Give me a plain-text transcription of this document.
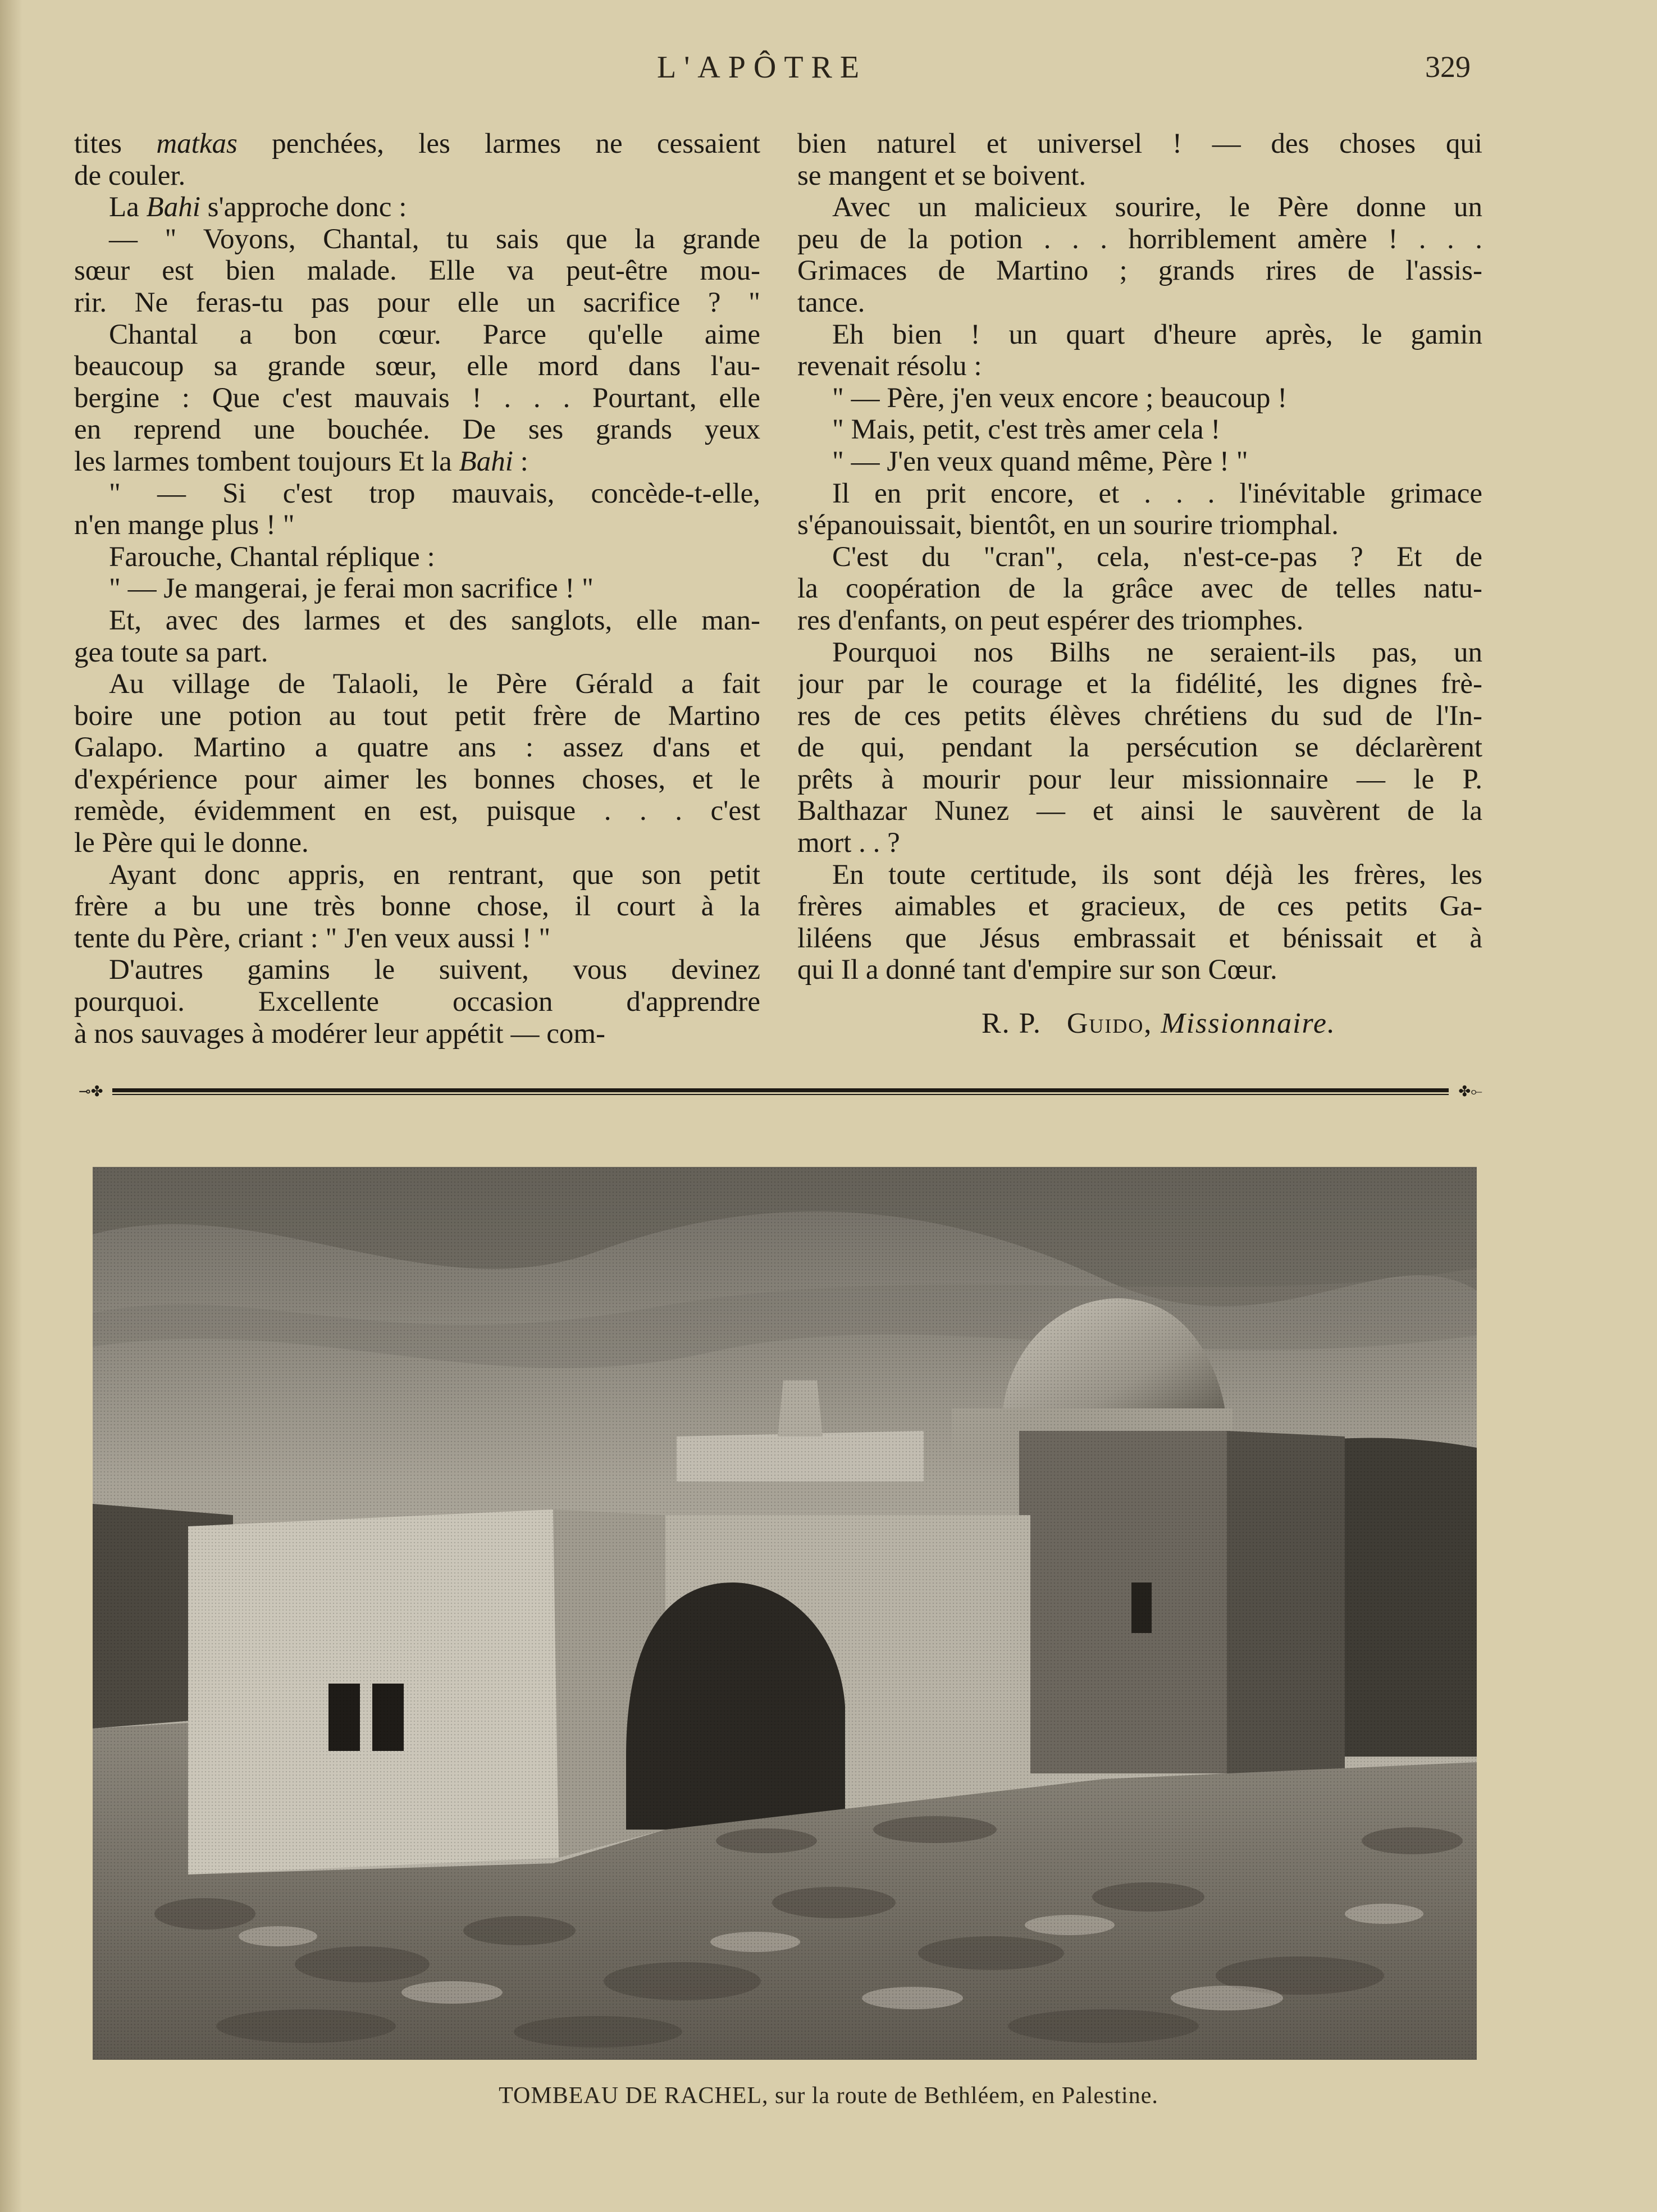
L'APÔTRE	329
tites matkas penchées, les larmes ne cessaient
de couler.
La Bahi s'approche donc :
— " Voyons, Chantal, tu sais que la grande
sœur est bien malade. Elle va peut-être mou-
rir. Ne feras-tu pas pour elle un sacrifice ? "
Chantal a bon cœur. Parce qu'elle aime
beaucoup sa grande sœur, elle mord dans l'au-
bergine : Que c'est mauvais ! . . . Pourtant, elle
en reprend une bouchée. De ses grands yeux
les larmes tombent toujours Et la Bahi :
" — Si c'est trop mauvais, concède-t-elle,
n'en mange plus ! "
Farouche, Chantal réplique :
" — Je mangerai, je ferai mon sacrifice ! "
Et, avec des larmes et des sanglots, elle man-
gea toute sa part.
Au village de Talaoli, le Père Gérald a fait
boire une potion au tout petit frère de Martino
Galapo. Martino a quatre ans : assez d'ans et
d'expérience pour aimer les bonnes choses, et le
remède, évidemment en est, puisque . . . c'est
le Père qui le donne.
Ayant donc appris, en rentrant, que son petit
frère a bu une très bonne chose, il court à la
tente du Père, criant : " J'en veux aussi ! "
D'autres gamins le suivent, vous devinez
pourquoi. Excellente occasion d'apprendre
à nos sauvages à modérer leur appétit — com-
bien naturel et universel ! — des choses qui
se mangent et se boivent.
Avec un malicieux sourire, le Père donne un
peu de la potion . . . horriblement amère ! . . .
Grimaces de Martino ; grands rires de l'assis-
tance.
Eh bien ! un quart d'heure après, le gamin
revenait résolu :
" — Père, j'en veux encore ; beaucoup !
" Mais, petit, c'est très amer cela !
" — J'en veux quand même, Père ! "
Il en prit encore, et . . . l'inévitable grimace
s'épanouissait, bientôt, en un sourire triomphal.
C'est du "cran", cela, n'est-ce-pas ? Et de
la coopération de la grâce avec de telles natu-
res d'enfants, on peut espérer des triomphes.
Pourquoi nos Bilhs ne seraient-ils pas, un
jour par le courage et la fidélité, les dignes frè-
res de ces petits élèves chrétiens du sud de l'In-
de qui, pendant la persécution se déclarèrent
prêts à mourir pour leur missionnaire — le P.
Balthazar Nunez — et ainsi le sauvèrent de la
mort . . ?
En toute certitude, ils sont déjà les frères, les
frères aimables et gracieux, de ces petits Ga-
liléens que Jésus embrassait et bénissait et à
qui Il a donné tant d'empire sur son Cœur.
R. P. Guido, Missionnaire.
⊸✤	✤⟜
TOMBEAU DE RACHEL, sur la route de Bethléem, en Palestine.
